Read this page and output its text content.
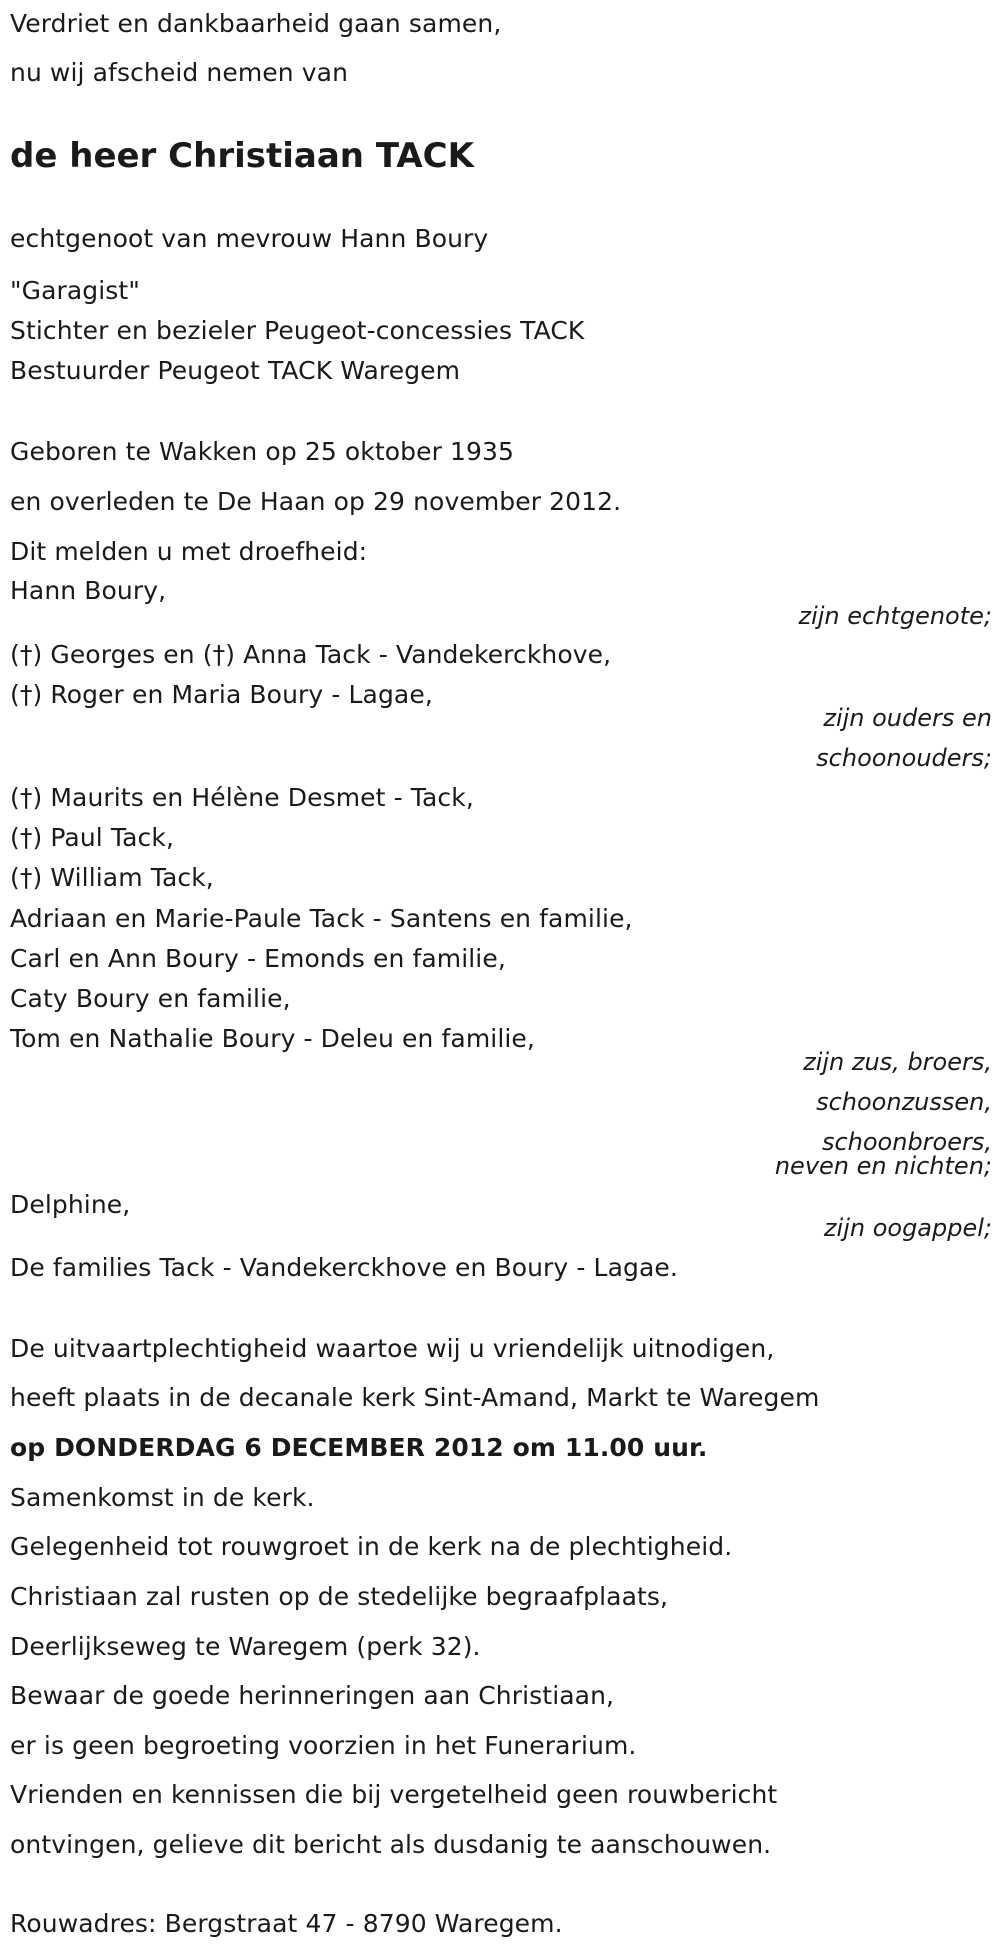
Verdriet en dankbaarheid gaan samen,
nu wij afscheid nemen van
de heer Christiaan TACK
echtgenoot van mevrouw Hann Boury
"Garagist"
Stichter en bezieler Peugeot-concessies TACK
Bestuurder Peugeot TACK Waregem
Geboren te Wakken op 25 oktober 1935
en overleden te De Haan op 29 november 2012.
Dit melden u met droefheid:
Hann Boury,
zijn echtgenote;
(†) Georges en (†) Anna Tack - Vandekerckhove,
(†) Roger en Maria Boury - Lagae,
zijn ouders en
schoonouders;
(†) Maurits en Hélène Desmet - Tack,
(†) Paul Tack,
(†) William Tack,
Adriaan en Marie-Paule Tack - Santens en familie,
Carl en Ann Boury - Emonds en familie,
Caty Boury en familie,
Tom en Nathalie Boury - Deleu en familie,
zijn zus, broers,
schoonzussen,
schoonbroers,
neven en nichten;
Delphine,
zijn oogappel;
De families Tack - Vandekerckhove en Boury - Lagae.
De uitvaartplechtigheid waartoe wij u vriendelijk uitnodigen,
heeft plaats in de decanale kerk Sint-Amand, Markt te Waregem
op DONDERDAG 6 DECEMBER 2012 om 11.00 uur.
Samenkomst in de kerk.
Gelegenheid tot rouwgroet in de kerk na de plechtigheid.
Christiaan zal rusten op de stedelijke begraafplaats,
Deerlijkseweg te Waregem (perk 32).
Bewaar de goede herinneringen aan Christiaan,
er is geen begroeting voorzien in het Funerarium.
Vrienden en kennissen die bij vergetelheid geen rouwbericht
ontvingen, gelieve dit bericht als dusdanig te aanschouwen.
Rouwadres: Bergstraat 47 - 8790 Waregem.
